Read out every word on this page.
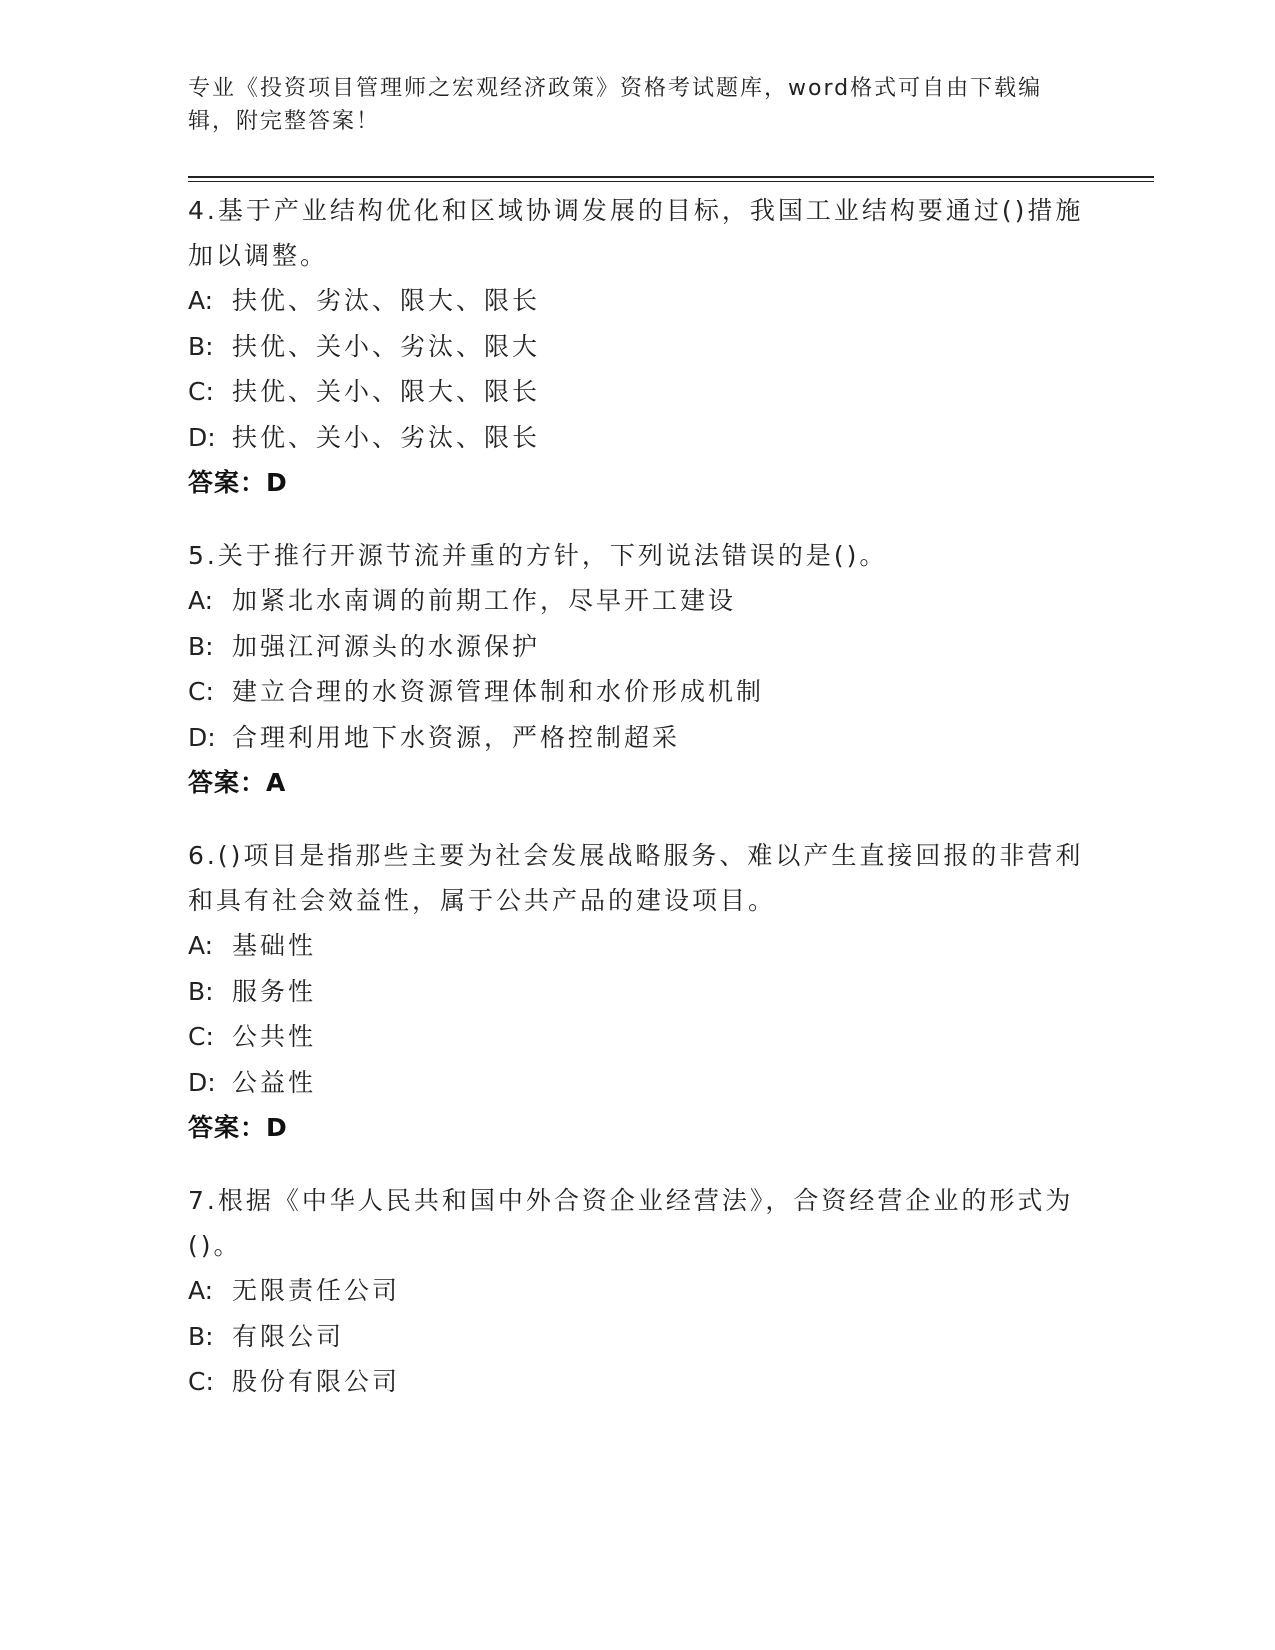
专业《投资项目管理师之宏观经济政策》资格考试题库，word格式可自由下载编辑，附完整答案！
4.基于产业结构优化和区域协调发展的目标，我国工业结构要通过()措施加以调整。
A: 扶优、劣汰、限大、限长
B: 扶优、关小、劣汰、限大
C: 扶优、关小、限大、限长
D: 扶优、关小、劣汰、限长
答案：D
5.关于推行开源节流并重的方针，下列说法错误的是()。
A: 加紧北水南调的前期工作，尽早开工建设
B: 加强江河源头的水源保护
C: 建立合理的水资源管理体制和水价形成机制
D: 合理利用地下水资源，严格控制超采
答案：A
6.()项目是指那些主要为社会发展战略服务、难以产生直接回报的非营利和具有社会效益性，属于公共产品的建设项目。
A: 基础性
B: 服务性
C: 公共性
D: 公益性
答案：D
7.根据《中华人民共和国中外合资企业经营法》，合资经营企业的形式为()。
A: 无限责任公司
B: 有限公司
C: 股份有限公司
